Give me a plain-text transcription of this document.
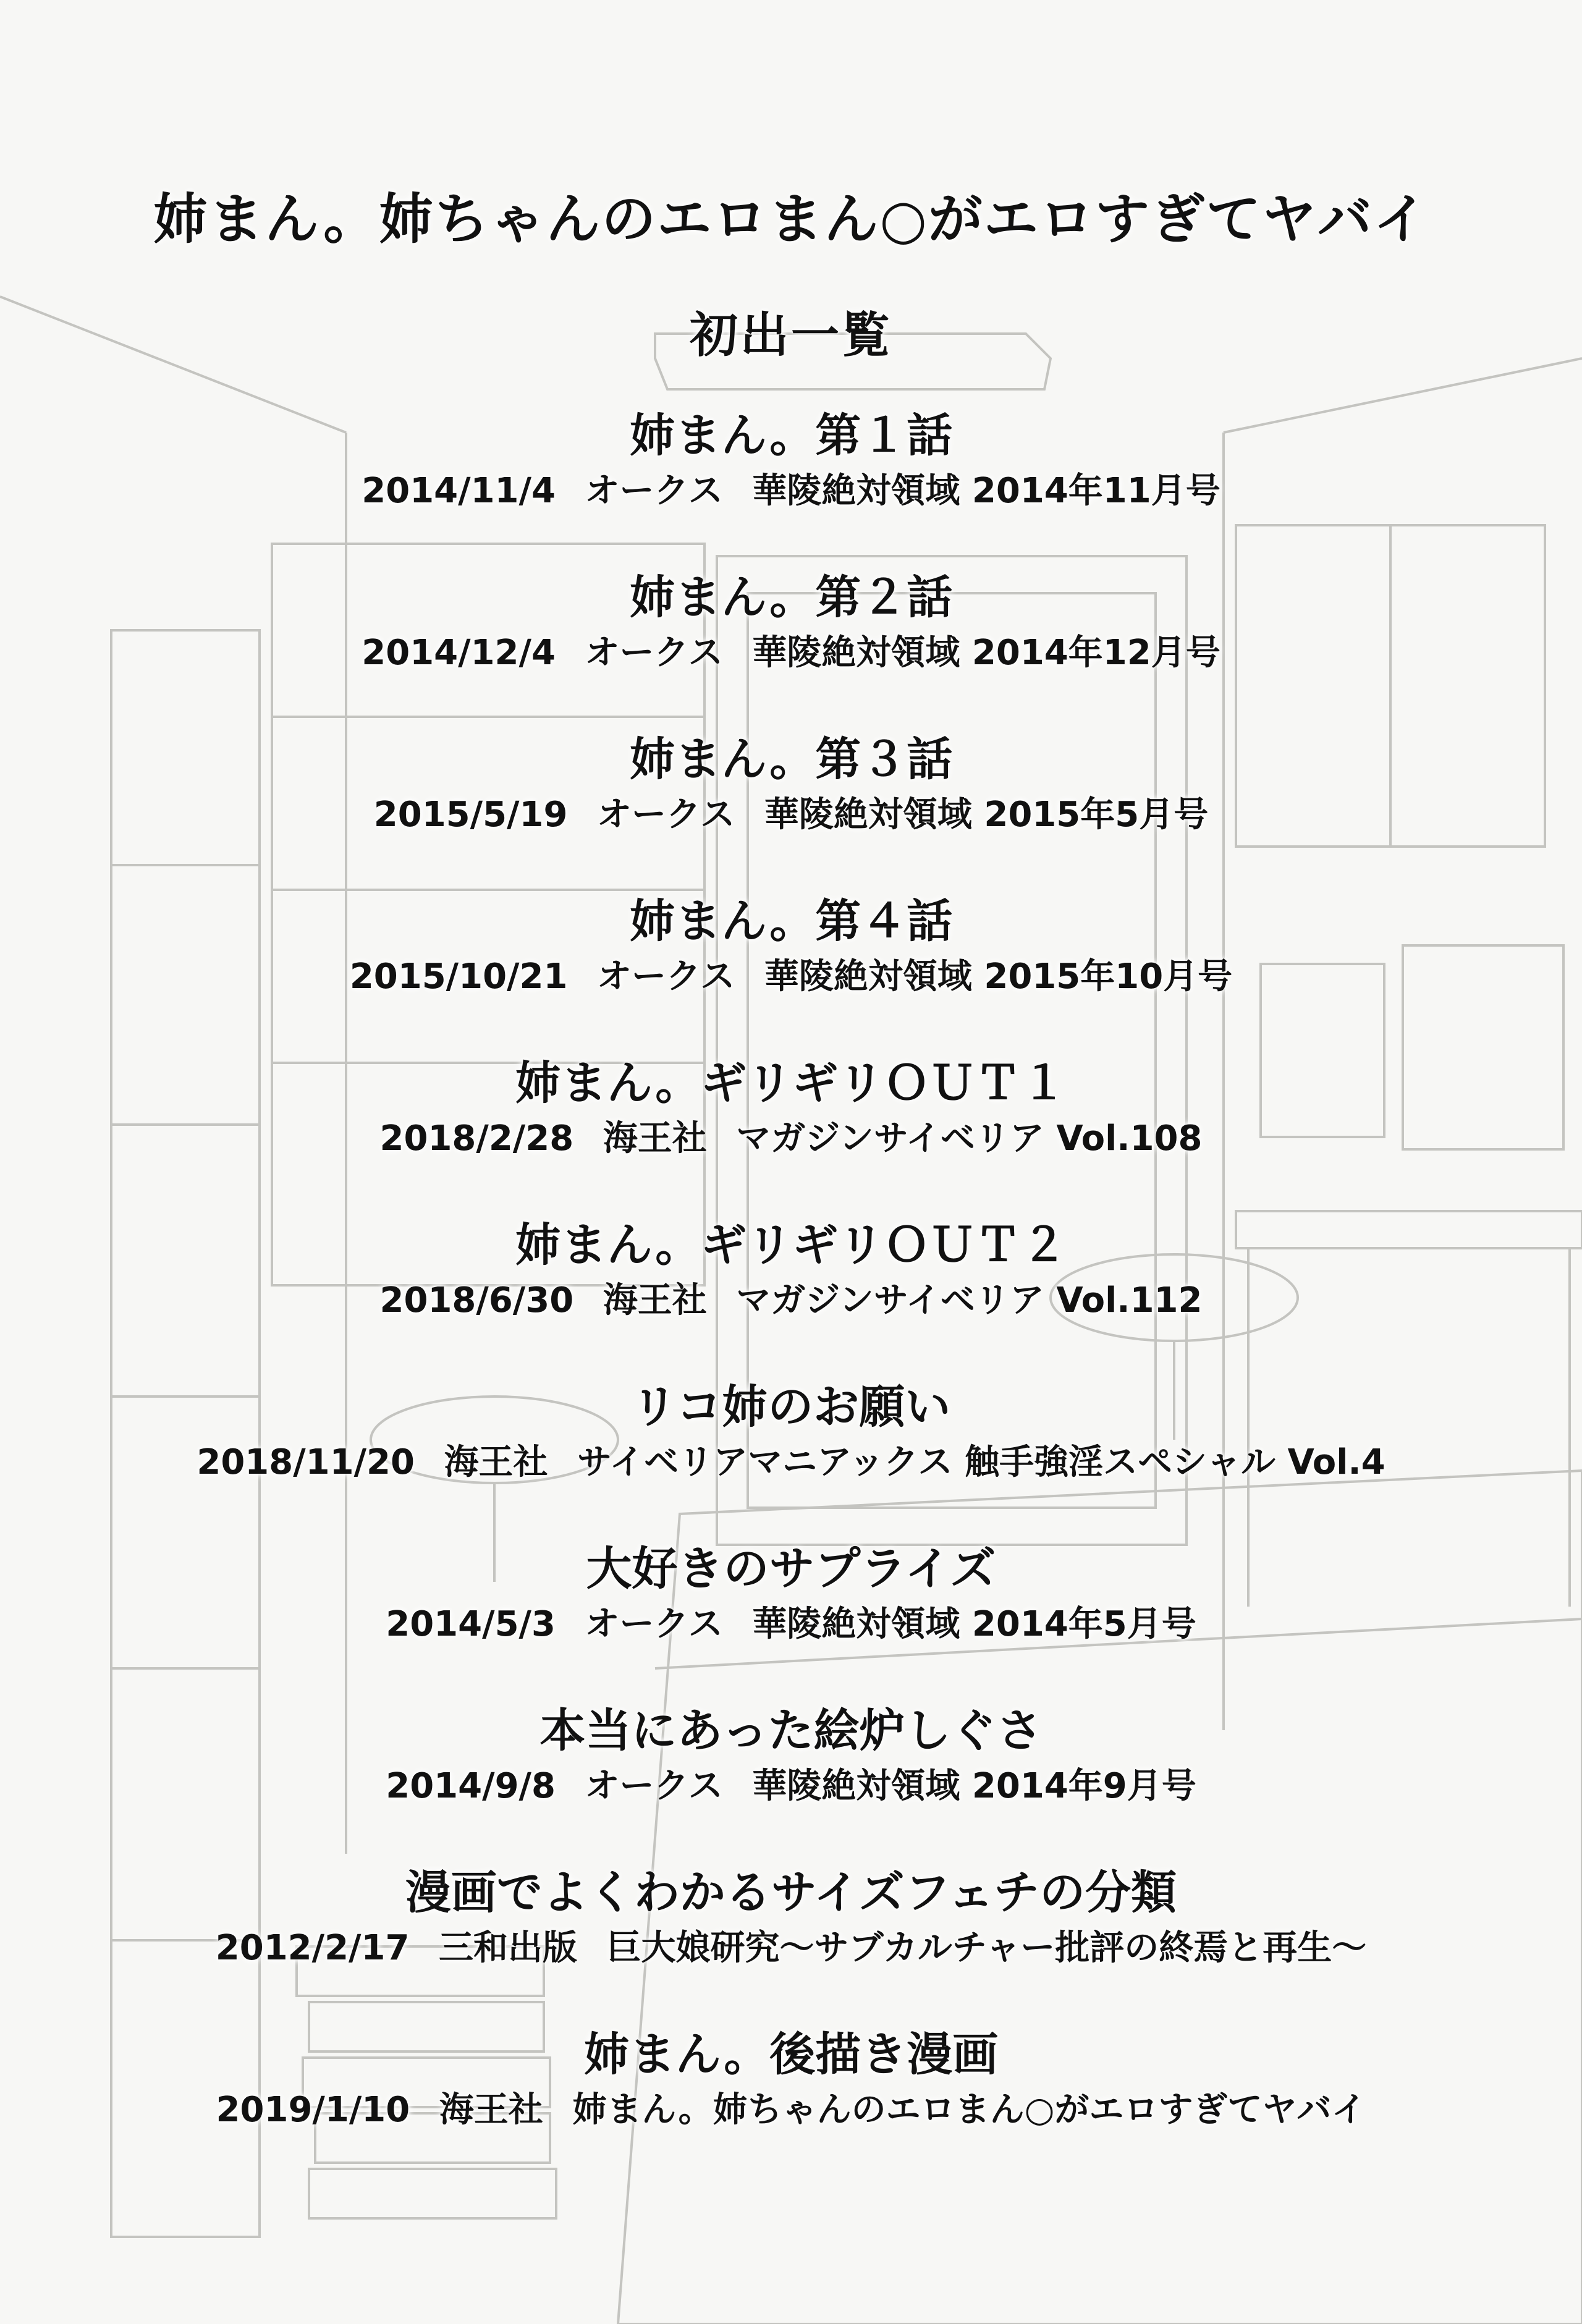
姉まん。姉ちゃんのエロまん○がエロすぎてヤバイ
初出一覧
姉まん。第１話
2014/11/4 オークス 華陵絶対領域 2014年11月号
姉まん。第２話
2014/12/4 オークス 華陵絶対領域 2014年12月号
姉まん。第３話
2015/5/19 オークス 華陵絶対領域 2015年5月号
姉まん。第４話
2015/10/21 オークス 華陵絶対領域 2015年10月号
姉まん。ギリギリＯＵＴ１
2018/2/28 海王社 マガジンサイベリア Vol.108
姉まん。ギリギリＯＵＴ２
2018/6/30 海王社 マガジンサイベリア Vol.112
リコ姉のお願い
2018/11/20 海王社 サイベリアマニアックス 触手強淫スペシャル Vol.4
大好きのサプライズ
2014/5/3 オークス 華陵絶対領域 2014年5月号
本当にあった絵炉しぐさ
2014/9/8 オークス 華陵絶対領域 2014年9月号
漫画でよくわかるサイズフェチの分類
2012/2/17 三和出版 巨大娘研究～サブカルチャー批評の終焉と再生～
姉まん。後描き漫画
2019/1/10 海王社 姉まん。姉ちゃんのエロまん○がエロすぎてヤバイ
